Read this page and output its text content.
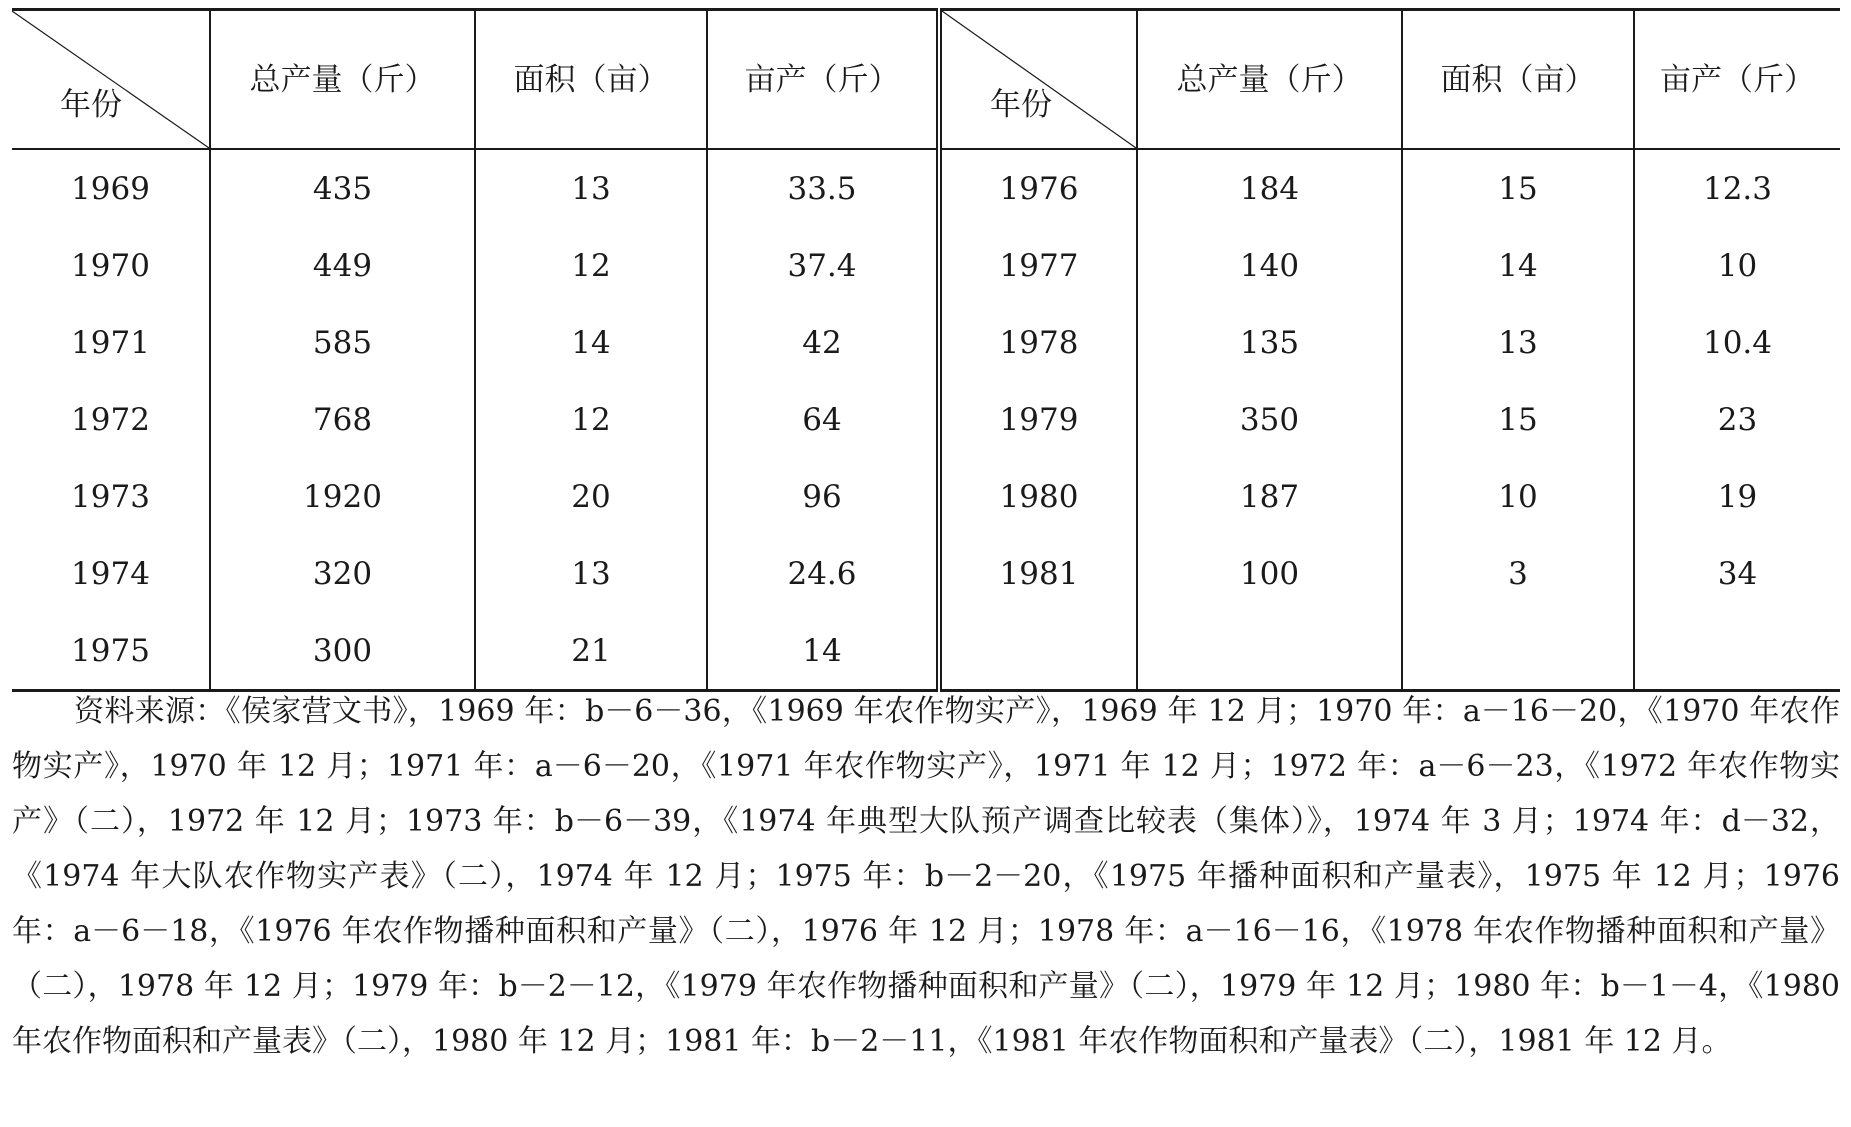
年份	总产量（斤）	面积（亩）	亩产（斤）	年份	总产量（斤）	面积（亩）	亩产（斤）
1969	435	13	33.5	1976	184	15	12.3
1970	449	12	37.4	1977	140	14	10
1971	585	14	42	1978	135	13	10.4
1972	768	12	64	1979	350	15	23
1973	1920	20	96	1980	187	10	19
1974	320	13	24.6	1981	100	3	34
1975	300	21	14				
资料来源：《侯家营文书》，1969 年：b－6－36，《1969 年农作物实产》，1969 年 12 月；1970 年：a－16－20，《1970 年农作物实产》，1970 年 12 月；1971 年：a－6－20，《1971 年农作物实产》，1971 年 12 月；1972 年：a－6－23，《1972 年农作物实产》（二），1972 年 12 月；1973 年：b－6－39，《1974 年典型大队预产调查比较表（集体）》，1974 年 3 月；1974 年：d－32，《1974 年大队农作物实产表》（二），1974 年 12 月；1975 年：b－2－20，《1975 年播种面积和产量表》，1975 年 12 月；1976 年：a－6－18，《1976 年农作物播种面积和产量》（二），1976 年 12 月；1978 年：a－16－16，《1978 年农作物播种面积和产量》（二），1978 年 12 月；1979 年：b－2－12，《1979 年农作物播种面积和产量》（二），1979 年 12 月；1980 年：b－1－4，《1980 年农作物面积和产量表》（二），1980 年 12 月；1981 年：b－2－11，《1981 年农作物面积和产量表》（二），1981 年 12 月。
